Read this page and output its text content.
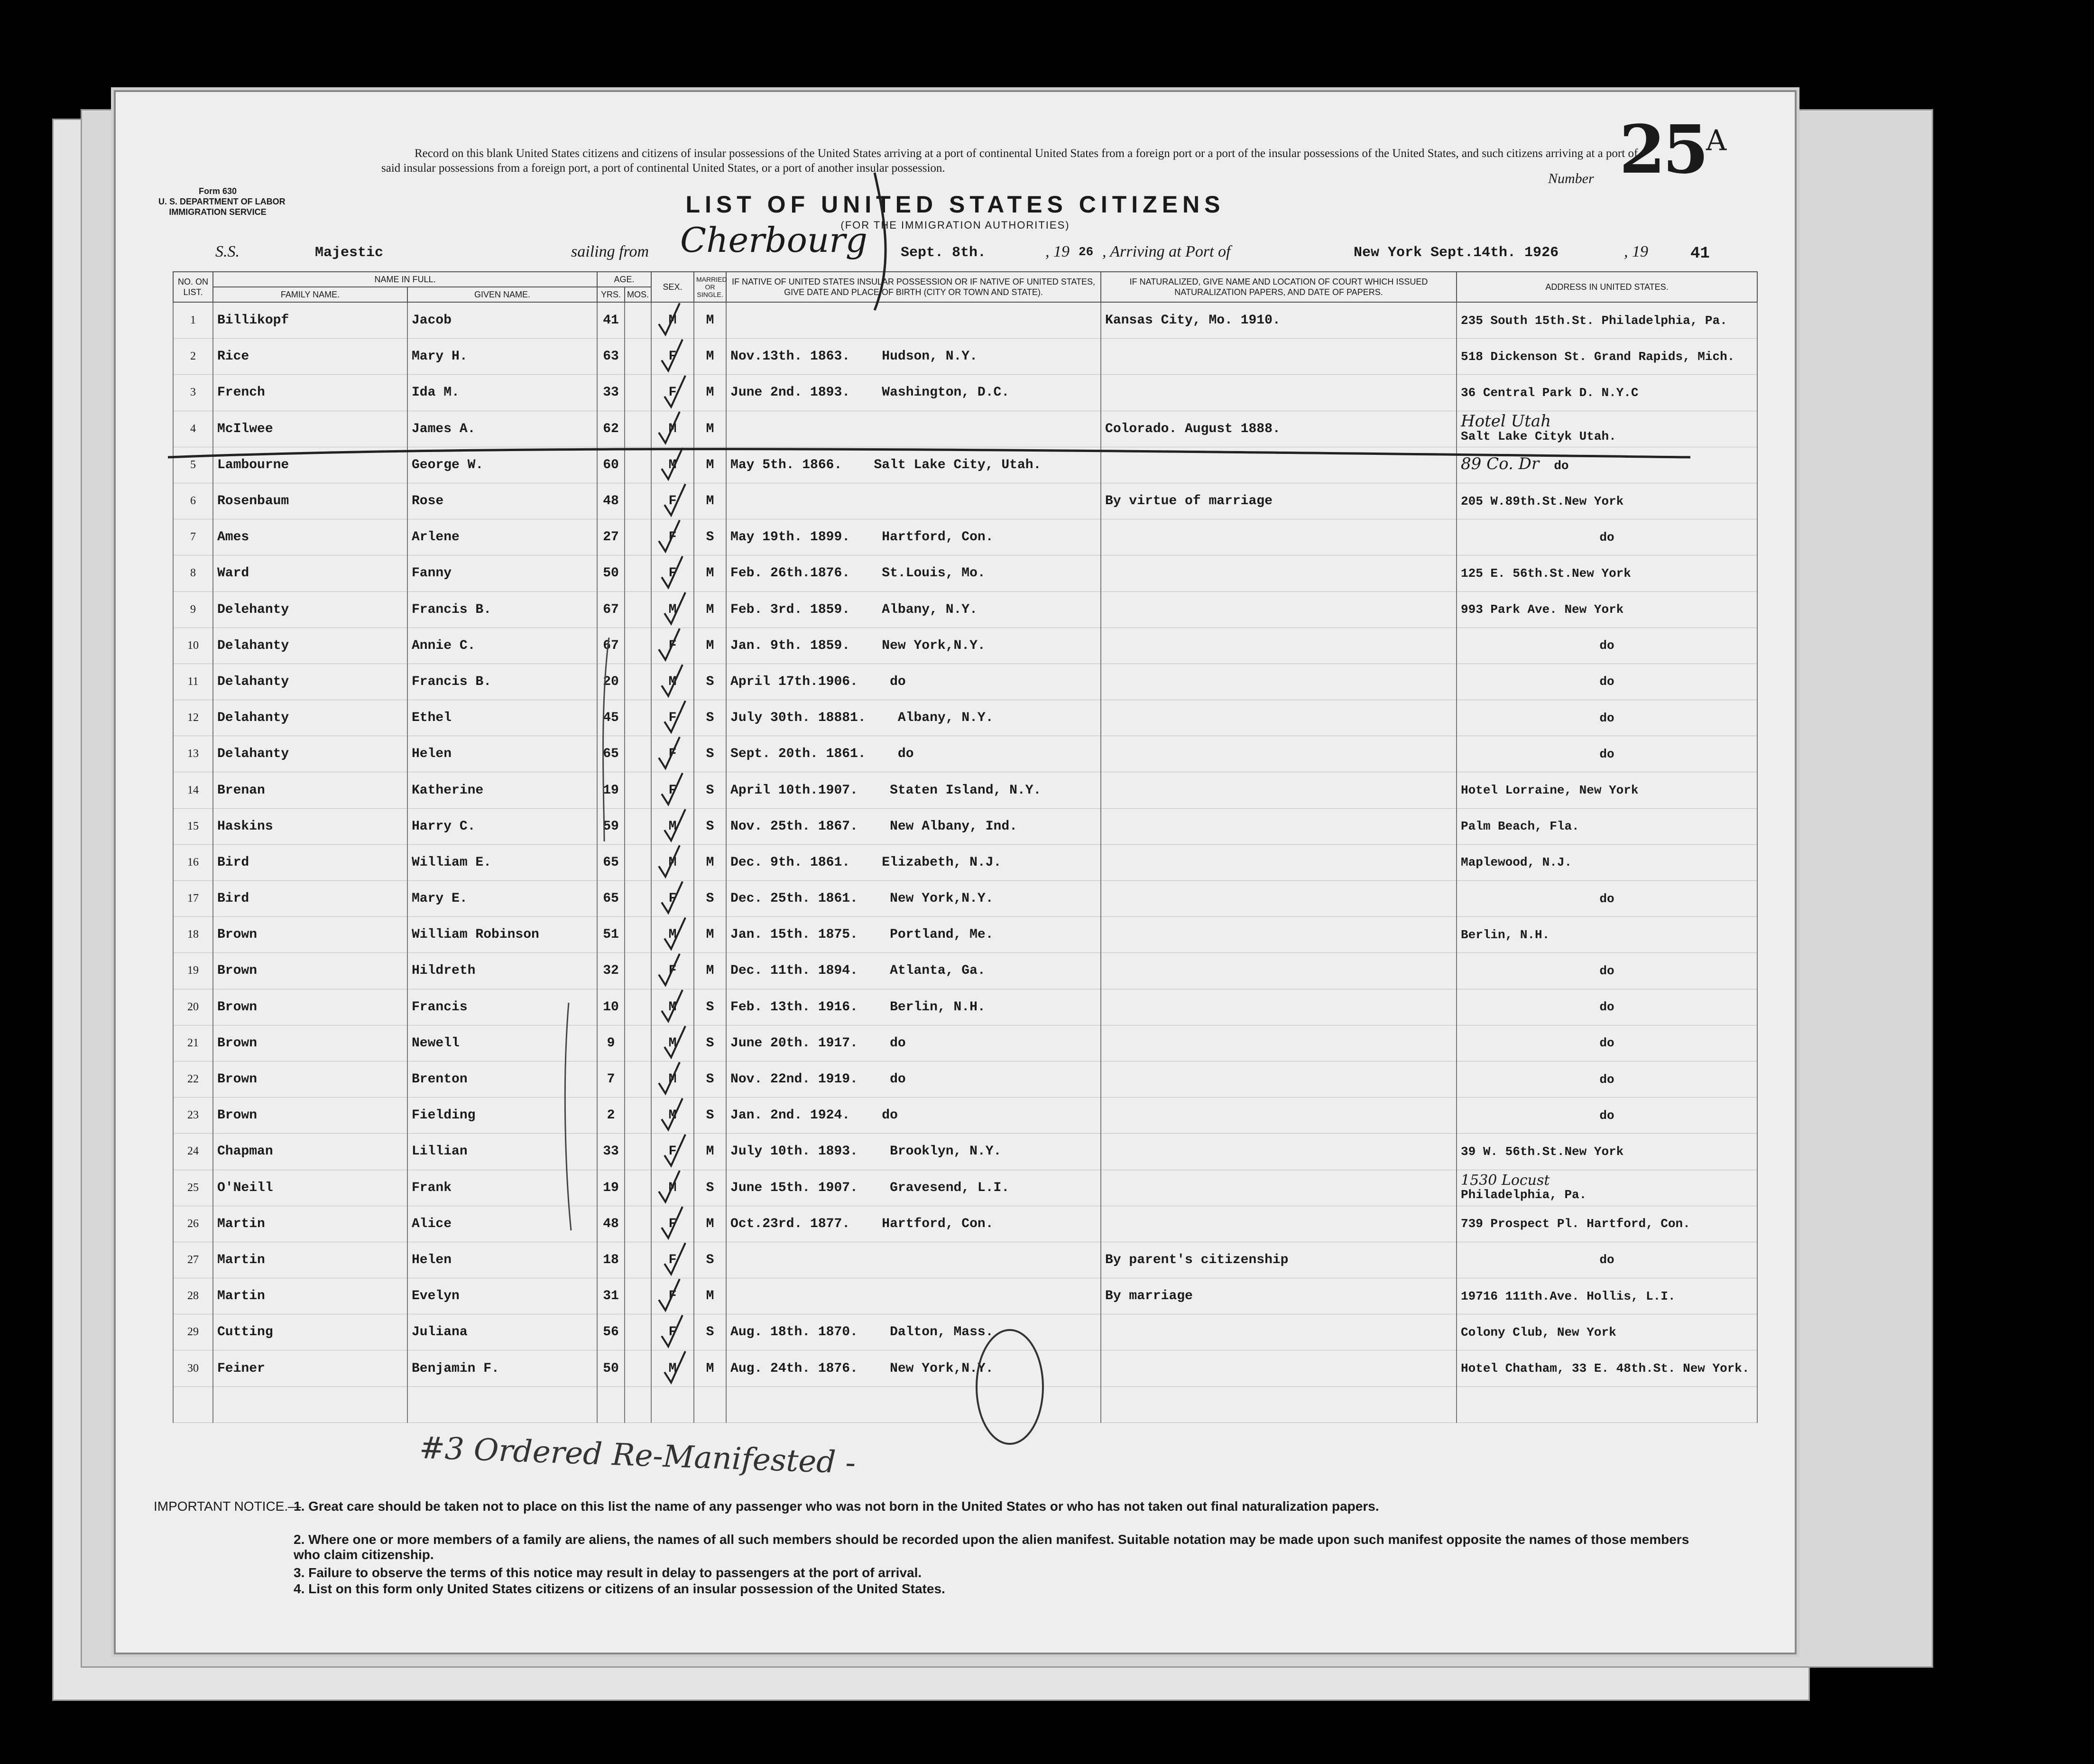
Form 630
U. S. DEPARTMENT OF LABOR
IMMIGRATION SERVICE
Record on this blank United States citizens and citizens of insular possessions of the United States arriving at a port of continental United States from a foreign port or a port of the insular possessions of the United States, and such citizens arriving at a port of said insular possessions from a foreign port, a port of continental United States, or a port of another insular possession.
Number $25^A$
LIST OF UNITED STATES CITIZENS
(FOR THE IMMIGRATION AUTHORITIES)
S.S.	Majestic	sailing from Cherbourg Sept. 8th.	, 19 26 , Arriving at Port of	New York Sept.14th. 1926	, 19	41
NO. ON LIST.	NAME IN FULL.		AGE.		SEX.	MARRIED OR SINGLE.	IF NATIVE OF UNITED STATES INSULAR POSSESSION OR IF NATIVE OF UNITED STATES, GIVE DATE AND PLACE OF BIRTH (CITY OR TOWN AND STATE).	IF NATURALIZED, GIVE NAME AND LOCATION OF COURT WHICH ISSUED NATURALIZATION PAPERS, AND DATE OF PAPERS.	ADDRESS IN UNITED STATES.
	FAMILY NAME.	GIVEN NAME.	YRS.	MOS.					
1	Billikopf	Jacob	41		M	M		Kansas City, Mo. 1910.	235 South 15th.St. Philadelphia, Pa.
2	Rice	Mary H.	63		F	M	Nov.13th. 1863. Hudson, N.Y.		518 Dickenson St. Grand Rapids, Mich.
3	French	Ida M.	33		F	M	June 2nd. 1893. Washington, D.C.		36 Central Park D. N.Y.C
4	McIlwee	James A.	62		M	M		Colorado. August 1888.	Hotel Utah
Salt Lake Cityk Utah.
5	Lambourne	George W.	60		M	M	May 5th. 1866. Salt Lake City, Utah.		89 Co. Dr do
6	Rosenbaum	Rose	48		F	M		By virtue of marriage	205 W.89th.St.New York
7	Ames	Arlene	27		F	S	May 19th. 1899. Hartford, Con.		do
8	Ward	Fanny	50		F	M	Feb. 26th.1876. St.Louis, Mo.		125 E. 56th.St.New York
9	Delehanty	Francis B.	67		M	M	Feb. 3rd. 1859. Albany, N.Y.		993 Park Ave. New York
10	Delahanty	Annie C.	67		F	M	Jan. 9th. 1859. New York,N.Y.		do
11	Delahanty	Francis B.	20		M	S	April 17th.1906. do		do
12	Delahanty	Ethel	45		F	S	July 30th. 18881. Albany, N.Y.		do
13	Delahanty	Helen	65		F	S	Sept. 20th. 1861. do		do
14	Brenan	Katherine	19		F	S	April 10th.1907. Staten Island, N.Y.		Hotel Lorraine, New York
15	Haskins	Harry C.	59		M	S	Nov. 25th. 1867. New Albany, Ind.		Palm Beach, Fla.
16	Bird	William E.	65		M	M	Dec. 9th. 1861. Elizabeth, N.J.		Maplewood, N.J.
17	Bird	Mary E.	65		F	S	Dec. 25th. 1861. New York,N.Y.		do
18	Brown	William Robinson	51		M	M	Jan. 15th. 1875. Portland, Me.		Berlin, N.H.
19	Brown	Hildreth	32		F	M	Dec. 11th. 1894. Atlanta, Ga.		do
20	Brown	Francis	10		M	S	Feb. 13th. 1916. Berlin, N.H.		do
21	Brown	Newell	9		M	S	June 20th. 1917. do		do
22	Brown	Brenton	7		M	S	Nov. 22nd. 1919. do		do
23	Brown	Fielding	2		M	S	Jan. 2nd. 1924. do		do
24	Chapman	Lillian	33		F	M	July 10th. 1893. Brooklyn, N.Y.		39 W. 56th.St.New York
25	O'Neill	Frank	19		M	S	June 15th. 1907. Gravesend, L.I.		1530 Locust
Philadelphia, Pa.
26	Martin	Alice	48		F	M	Oct.23rd. 1877. Hartford, Con.		739 Prospect Pl. Hartford, Con.
27	Martin	Helen	18		F	S		By parent's citizenship	do
28	Martin	Evelyn	31		F	M		By marriage	19716 111th.Ave. Hollis, L.I.
29	Cutting	Juliana	56		F	S	Aug. 18th. 1870. Dalton, Mass.		Colony Club, New York
30	Feiner	Benjamin F.	50		M	M	Aug. 24th. 1876. New York,N.Y.		Hotel Chatham, 33 E. 48th.St. New York.

#3 Ordered Re-Manifested -
IMPORTANT NOTICE.—
1. Great care should be taken not to place on this list the name of any passenger who was not born in the United States or who has not taken out final naturalization papers.
2. Where one or more members of a family are aliens, the names of all such members should be recorded upon the alien manifest. Suitable notation may be made upon such manifest opposite the names of those members who claim citizenship.
3. Failure to observe the terms of this notice may result in delay to passengers at the port of arrival.
4. List on this form only United States citizens or citizens of an insular possession of the United States.
